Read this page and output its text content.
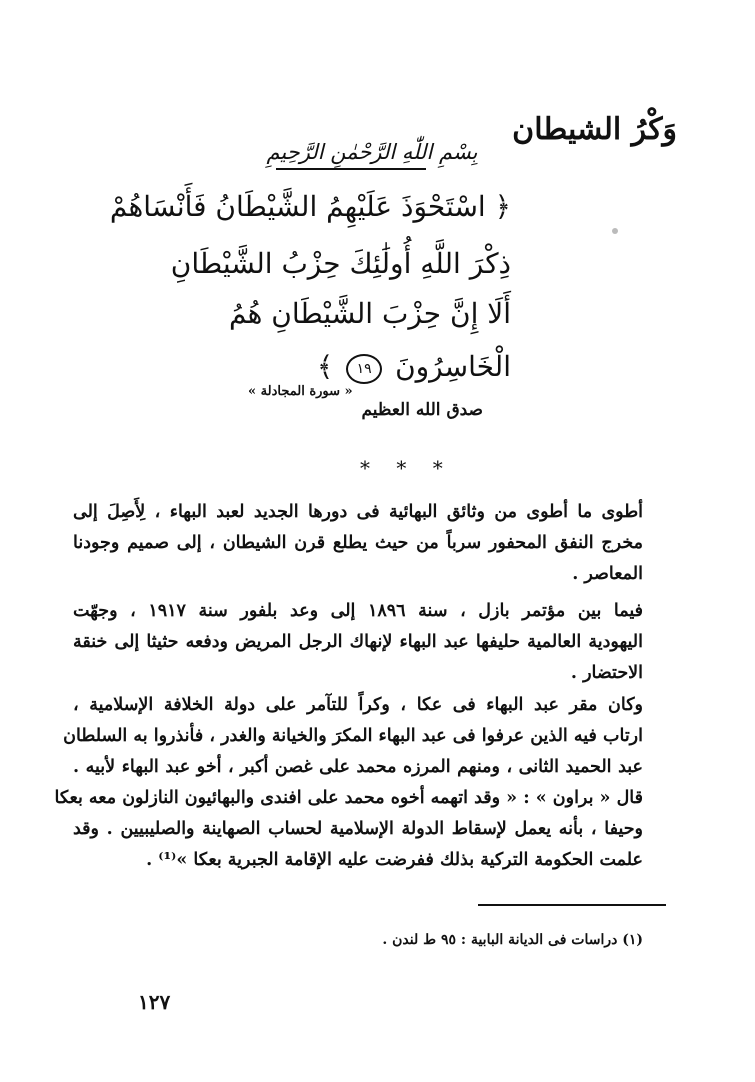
وَكْرُ الشيطان
بِسْمِ اللّٰهِ الرَّحْمٰنِ الرَّحِيمِ
﴿ اسْتَحْوَذَ عَلَيْهِمُ الشَّيْطَانُ فَأَنْسَاهُمْ
ذِكْرَ اللَّهِ أُولَٰئِكَ حِزْبُ الشَّيْطَانِ
أَلَا إِنَّ حِزْبَ الشَّيْطَانِ هُمُ
الْخَاسِرُونَ ١٩ ﴾
« سورة المجادلة »
صدق الله العظيم
* * *
أطوى ما أطوى من وثائق البهائية فى دورها الجديد لعبد البهاء ، لِأَصِلَ إلى
مخرج النفق المحفور سرباً من حيث يطلع قرن الشيطان ، إلى صميم وجودنا
المعاصر .
فيما بين مؤتمر بازل ، سنة ١٨٩٦ إلى وعد بلفور سنة ١٩١٧ ، وجهّت
اليهودية العالمية حليفها عبد البهاء لإنهاك الرجل المريض ودفعه حثيثا إلى خنقة
الاحتضار .
وكان مقر عبد البهاء فى عكا ، وكراً للتآمر على دولة الخلافة الإسلامية ،
ارتاب فيه الذين عرفوا فى عبد البهاء المكرَ والخيانة والغدر ، فأنذروا به السلطان
عبد الحميد الثانى ، ومنهم المرزه محمد على غصن أكبر ، أخو عبد البهاء لأبيه .
قال « براون » : « وقد اتهمه أخوه محمد على افندى والبهائيون النازلون معه بعكا
وحيفا ، بأنه يعمل لإسقاط الدولة الإسلامية لحساب الصهاينة والصليبيين . وقد
علمت الحكومة التركية بذلك ففرضت عليه الإقامة الجبرية بعكا »⁽¹⁾ .
(١) دراسات فى الديانة البابية : ٩٥ ط لندن .
١٢٧
